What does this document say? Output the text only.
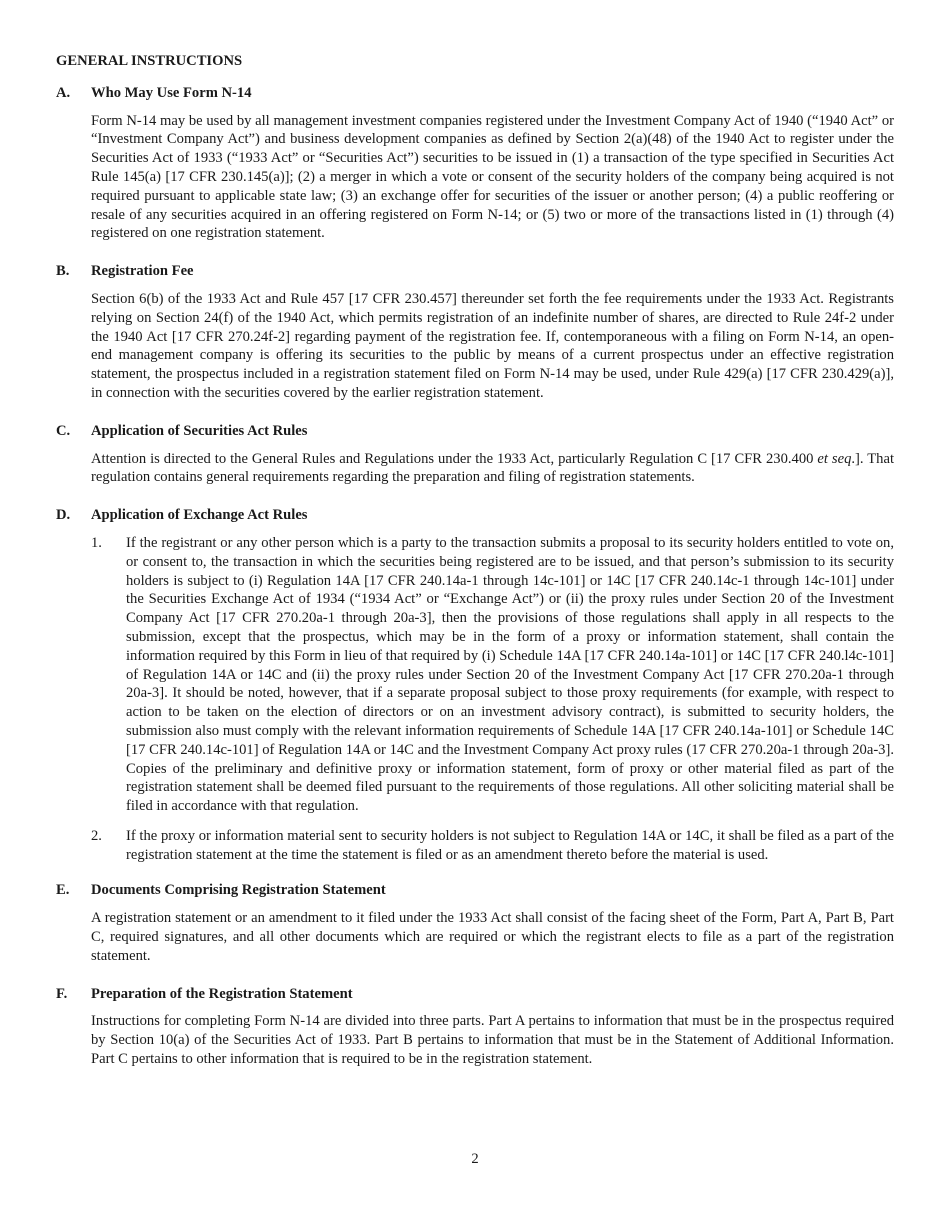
GENERAL INSTRUCTIONS
A.	Who May Use Form N-14
Form N-14 may be used by all management investment companies registered under the Investment Company Act of 1940 (“1940 Act” or “Investment Company Act”) and business development companies as defined by Section 2(a)(48) of the 1940 Act to register under the Securities Act of 1933 (“1933 Act” or “Securities Act”) securities to be issued in (1) a transaction of the type specified in Securities Act Rule 145(a) [17 CFR 230.145(a)]; (2) a merger in which a vote or consent of the security holders of the company being acquired is not required pursuant to applicable state law; (3) an exchange offer for securities of the issuer or another person; (4) a public reoffering or resale of any securities acquired in an offering registered on Form N-14; or (5) two or more of the transactions listed in (1) through (4) registered on one registration statement.
B.	Registration Fee
Section 6(b) of the 1933 Act and Rule 457 [17 CFR 230.457] thereunder set forth the fee requirements under the 1933 Act. Registrants relying on Section 24(f) of the 1940 Act, which permits registration of an indefinite number of shares, are directed to Rule 24f-2 under the 1940 Act [17 CFR 270.24f-2] regarding payment of the registration fee. If, contemporaneous with a filing on Form N-14, an open-end management company is offering its securities to the public by means of a current prospectus under an effective registration statement, the prospectus included in a registration statement filed on Form N-14 may be used, under Rule 429(a) [17 CFR 230.429(a)], in connection with the securities covered by the earlier registration statement.
C.	Application of Securities Act Rules
Attention is directed to the General Rules and Regulations under the 1933 Act, particularly Regulation C [17 CFR 230.400 et seq.]. That regulation contains general requirements regarding the preparation and filing of registration statements.
D.	Application of Exchange Act Rules
1.	If the registrant or any other person which is a party to the transaction submits a proposal to its security holders entitled to vote on, or consent to, the transaction in which the securities being registered are to be issued, and that person’s submission to its security holders is subject to (i) Regulation 14A [17 CFR 240.14a-1 through 14c-101] or 14C [17 CFR 240.14c-1 through 14c-101] under the Securities Exchange Act of 1934 (“1934 Act” or “Exchange Act”) or (ii) the proxy rules under Section 20 of the Investment Company Act [17 CFR 270.20a-1 through 20a-3], then the provisions of those regulations shall apply in all respects to the submission, except that the prospectus, which may be in the form of a proxy or information statement, shall contain the information required by this Form in lieu of that required by (i) Schedule 14A [17 CFR 240.14a-101] or 14C [17 CFR 240.l4c-101] of Regulation 14A or 14C and (ii) the proxy rules under Section 20 of the Investment Company Act [17 CFR 270.20a-1 through 20a-3]. It should be noted, however, that if a separate proposal subject to those proxy requirements (for example, with respect to action to be taken on the election of directors or on an investment advisory contract), is submitted to security holders, the submission also must comply with the relevant information requirements of Schedule 14A [17 CFR 240.14a-101] or Schedule 14C [17 CFR 240.14c-101] of Regulation 14A or 14C and the Investment Company Act proxy rules (17 CFR 270.20a-1 through 20a-3]. Copies of the preliminary and definitive proxy or information statement, form of proxy or other material filed as part of the registration statement shall be deemed filed pursuant to the requirements of those regulations. All other soliciting material shall be filed in accordance with that regulation.
2.	If the proxy or information material sent to security holders is not subject to Regulation 14A or 14C, it shall be filed as a part of the registration statement at the time the statement is filed or as an amendment thereto before the material is used.
E.	Documents Comprising Registration Statement
A registration statement or an amendment to it filed under the 1933 Act shall consist of the facing sheet of the Form, Part A, Part B, Part C, required signatures, and all other documents which are required or which the registrant elects to file as a part of the registration statement.
F.	Preparation of the Registration Statement
Instructions for completing Form N-14 are divided into three parts. Part A pertains to information that must be in the prospectus required by Section 10(a) of the Securities Act of 1933. Part B pertains to information that must be in the Statement of Additional Information. Part C pertains to other information that is required to be in the registration statement.
2
